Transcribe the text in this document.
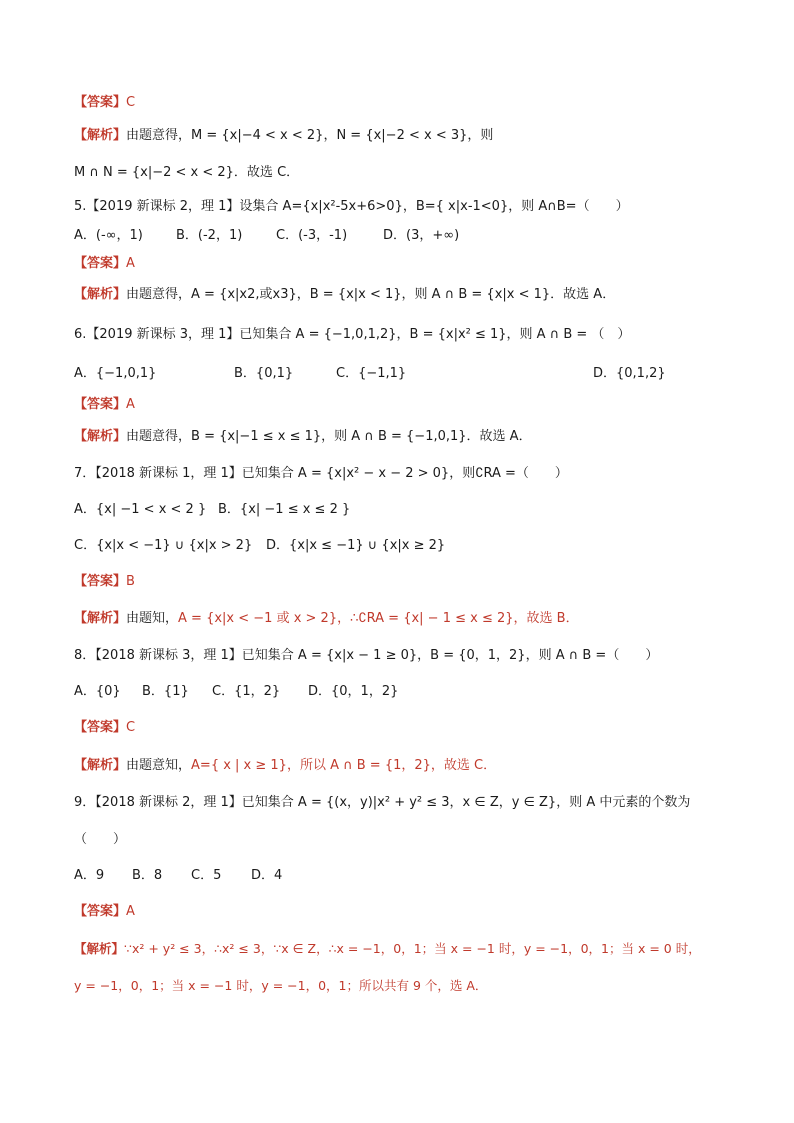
【答案】C
【解析】由题意得，M = {x|−4 < x < 2}，N = {x|−2 < x < 3}，则
M ∩ N = {x|−2 < x < 2}．故选 C．
5.【2019 新课标 2，理 1】设集合 A={x|x²-5x+6>0}，B={ x|x-1<0}，则 A∩B=（　　）
A．(-∞，1)	B．(-2，1)	C．(-3，-1)	D．(3，+∞)
【答案】A
【解析】由题意得，A = {x|x2,或x3}，B = {x|x < 1}，则 A ∩ B = {x|x < 1}．故选 A．
6.【2019 新课标 3，理 1】已知集合 A = {−1,0,1,2}，B = {x|x² ≤ 1}，则 A ∩ B = （　）
A．{−1,0,1}	B．{0,1}	C．{−1,1}	D．{0,1,2}
【答案】A
【解析】由题意得，B = {x|−1 ≤ x ≤ 1}，则 A ∩ B = {−1,0,1}．故选 A．
7．【2018 新课标 1，理 1】已知集合 A = {x|x² − x − 2 > 0}，则∁RA =（　　）
A．{x| −1 < x < 2 } B．{x| −1 ≤ x ≤ 2 }
C．{x|x < −1} ∪ {x|x > 2} D．{x|x ≤ −1} ∪ {x|x ≥ 2}
【答案】B
【解析】由题知，A = {x|x < −1 或 x > 2}，∴∁RA = {x| − 1 ≤ x ≤ 2}，故选 B．
8．【2018 新课标 3，理 1】已知集合 A = {x|x − 1 ≥ 0}，B = {0，1，2}，则 A ∩ B =（　　）
A．{0} B．{1} C．{1，2} D．{0，1，2}
【答案】C
【解析】由题意知，A={ x | x ≥ 1}，所以 A ∩ B = {1，2}，故选 C．
9．【2018 新课标 2，理 1】已知集合 A = {(x，y)|x² + y² ≤ 3，x ∈ Z，y ∈ Z}，则 A 中元素的个数为
（　　）
A．9 B．8 C．5 D．4
【答案】A
【解析】∵x² + y² ≤ 3，∴x² ≤ 3，∵x ∈ Z，∴x = −1，0，1；当 x = −1 时，y = −1，0，1；当 x = 0 时，
y = −1，0，1；当 x = −1 时，y = −1，0，1；所以共有 9 个，选 A．
